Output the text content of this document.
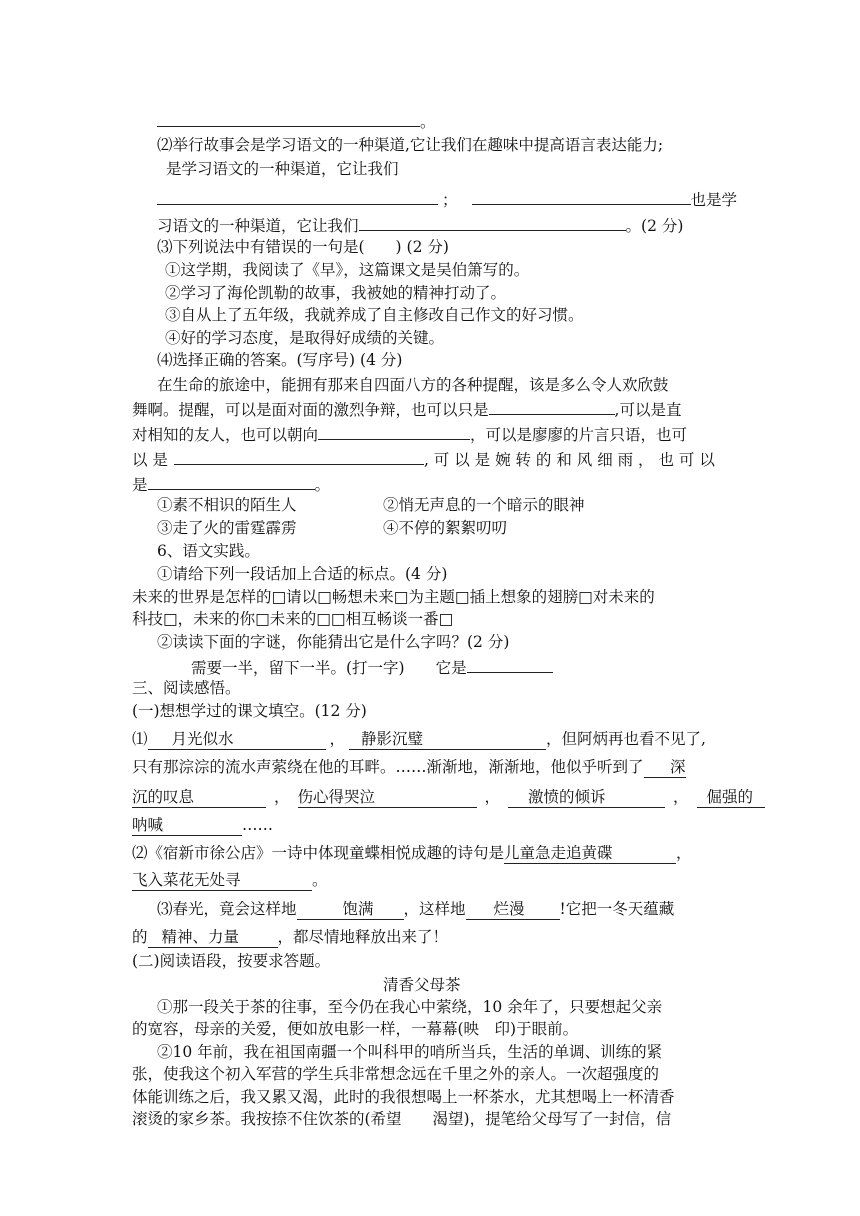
。
⑵举行故事会是学习语文的一种渠道,它让我们在趣味中提高语言表达能力;
是学习语文的一种渠道，它让我们
；	也是学
习语文的一种渠道，它让我们	。(2 分)
⑶下列说法中有错误的一句是(　　) (2 分)
①这学期，我阅读了《早》，这篇课文是吴伯箫写的。
②学习了海伦凯勒的故事，我被她的精神打动了。
③自从上了五年级，我就养成了自主修改自己作文的好习惯。
④好的学习态度，是取得好成绩的关键。
⑷选择正确的答案。(写序号) (4 分)
在生命的旅途中，能拥有那来自四面八方的各种提醒，该是多么令人欢欣鼓
舞啊。提醒，可以是面对面的激烈争辩，也可以只是	,可以是直
对相知的友人，也可以朝向	，可以是廖廖的片言只语，也可
以 是	, 可 以 是 婉 转 的 和 风 细 雨 ， 也 可 以
是	。
①素不相识的陌生人	②悄无声息的一个暗示的眼神
③走了火的雷霆霹雳	④不停的絮絮叨叨
6、语文实践。
①请给下列一段话加上合适的标点。(4 分)
未来的世界是怎样的□请以□畅想未来□为主题□插上想象的翅膀□对未来的
科技□，未来的你□未来的□□相互畅谈一番□
②读读下面的字谜，你能猜出它是什么字吗？(2 分)
需要一半，留下一半。(打一字)　　它是
三、阅读感悟。
(一)想想学过的课文填空。(12 分)
⑴ 月光似水	， 静影沉璧	，但阿炳再也看不见了,
只有那淙淙的流水声萦绕在他的耳畔。……渐渐地，渐渐地，他似乎听到了 深
沉的叹息	， 伤心得哭泣	， 激愤的倾诉	， 倔强的
呐喊	……
⑵《宿新市徐公店》一诗中体现童蝶相悦成趣的诗句是儿童急走追黄碟	，
飞入菜花无处寻	。
⑶春光，竟会这样地	饱满 ，这样地 烂漫 !它把一冬天蕴藏
的 精神、力量 ，都尽情地释放出来了！
(二)阅读语段，按要求答题。
清香父母茶
①那一段关于茶的往事，至今仍在我心中萦绕，10 余年了，只要想起父亲
的宽容，母亲的关爱，便如放电影一样，一幕幕(映　印)于眼前。
②10 年前，我在祖国南疆一个叫科甲的哨所当兵，生活的单调、训练的紧
张，使我这个初入军营的学生兵非常想念远在千里之外的亲人。一次超强度的
体能训练之后，我又累又渴，此时的我很想喝上一杯茶水，尤其想喝上一杯清香
滚烫的家乡茶。我按捺不住饮茶的(希望　　渴望)，提笔给父母写了一封信，信
